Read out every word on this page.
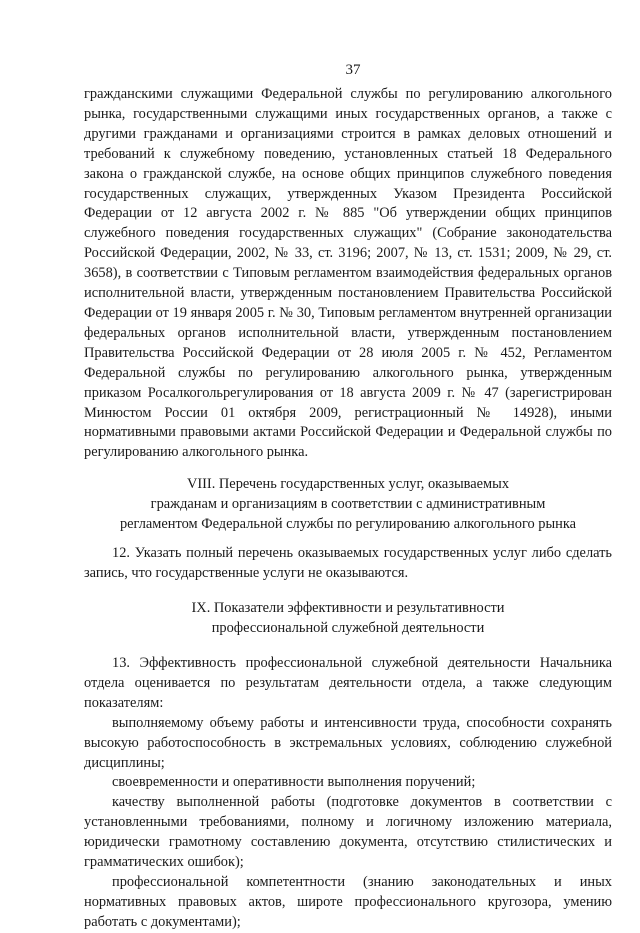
37

гражданскими служащими Федеральной службы по регулированию алкогольного рынка, государственными служащими иных государственных органов, а также с другими гражданами и организациями строится в рамках деловых отношений и требований к служебному поведению, установленных статьей 18 Федерального закона о гражданской службе, на основе общих принципов служебного поведения государственных служащих, утвержденных Указом Президента Российской Федерации от 12 августа 2002 г. № 885 "Об утверждении общих принципов служебного поведения государственных служащих" (Собрание законодательства Российской Федерации, 2002, № 33, ст. 3196; 2007, № 13, ст. 1531; 2009, № 29, ст. 3658), в соответствии с Типовым регламентом взаимодействия федеральных органов исполнительной власти, утвержденным постановлением Правительства Российской Федерации от 19 января 2005 г. № 30, Типовым регламентом внутренней организации федеральных органов исполнительной власти, утвержденным постановлением Правительства Российской Федерации от 28 июля 2005 г. № 452, Регламентом Федеральной службы по регулированию алкогольного рынка, утвержденным приказом Росалкогольрегулирования от 18 августа 2009 г. № 47 (зарегистрирован Минюстом России 01 октября 2009, регистрационный № 14928), иными нормативными правовыми актами Российской Федерации и Федеральной службы по регулированию алкогольного рынка.

VIII. Перечень государственных услуг, оказываемых
гражданам и организациям в соответствии с административным
регламентом Федеральной службы по регулированию алкогольного рынка

12. Указать полный перечень оказываемых государственных услуг либо сделать запись, что государственные услуги не оказываются.

IX. Показатели эффективности и результативности
профессиональной служебной деятельности

13. Эффективность профессиональной служебной деятельности Начальника отдела оценивается по результатам деятельности отдела, а также следующим показателям:

выполняемому объему работы и интенсивности труда, способности сохранять высокую работоспособность в экстремальных условиях, соблюдению служебной дисциплины;

своевременности и оперативности выполнения поручений;

качеству выполненной работы (подготовке документов в соответствии с установленными требованиями, полному и логичному изложению материала, юридически грамотному составлению документа, отсутствию стилистических и грамматических ошибок);

профессиональной компетентности (знанию законодательных и иных нормативных правовых актов, широте профессионального кругозора, умению работать с документами);
